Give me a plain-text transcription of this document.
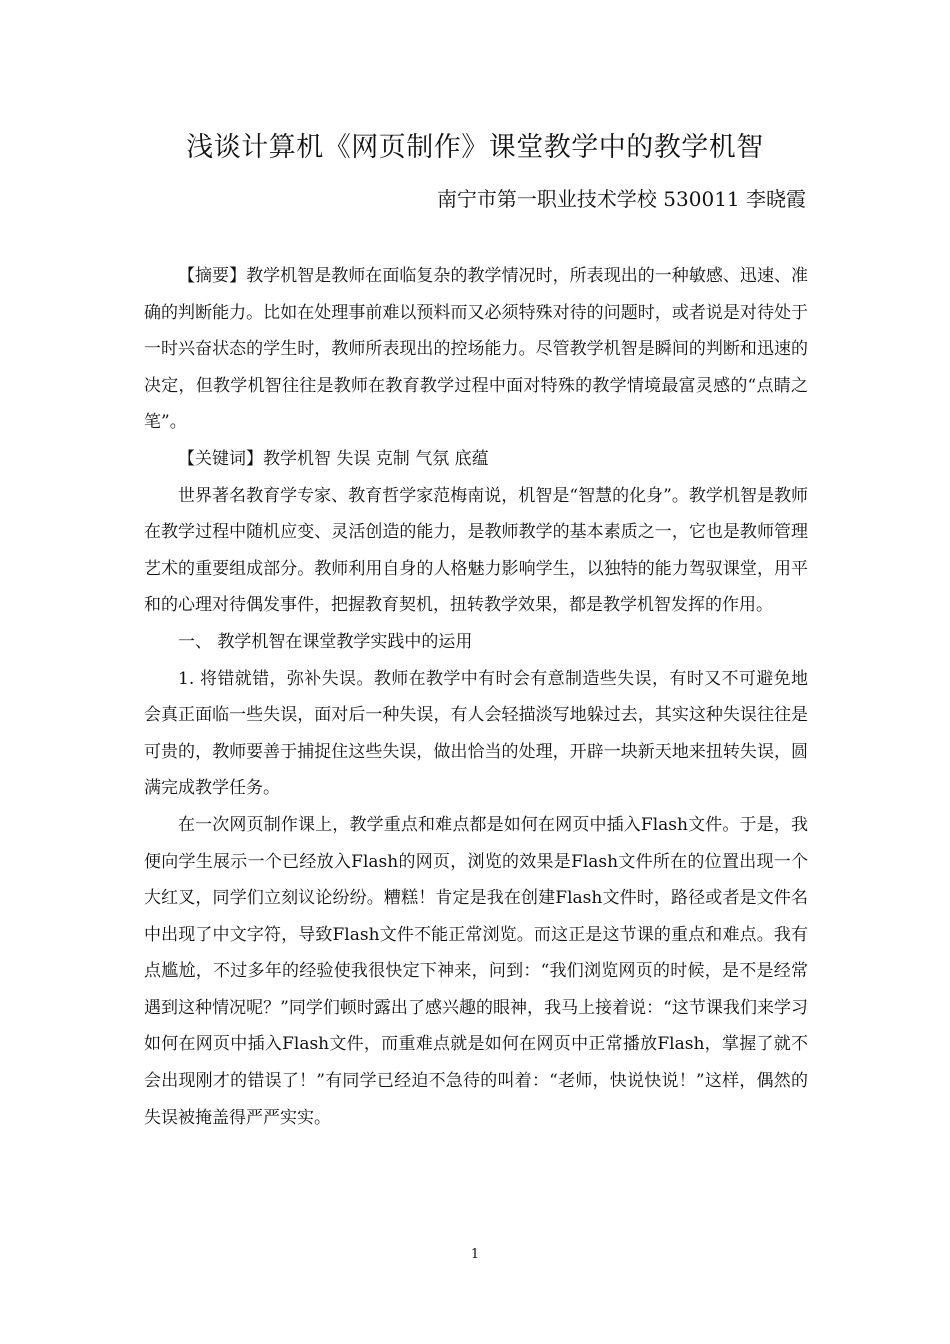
浅谈计算机《网页制作》课堂教学中的教学机智
南宁市第一职业技术学校 530011 李晓霞

【摘要】教学机智是教师在面临复杂的教学情况时，所表现出的一种敏感、迅速、准确的判断能力。比如在处理事前难以预料而又必须特殊对待的问题时，或者说是对待处于一时兴奋状态的学生时，教师所表现出的控场能力。尽管教学机智是瞬间的判断和迅速的决定，但教学机智往往是教师在教育教学过程中面对特殊的教学情境最富灵感的“点睛之笔”。

【关键词】教学机智 失误 克制 气氛 底蕴

世界著名教育学专家、教育哲学家范梅南说，机智是“智慧的化身”。教学机智是教师在教学过程中随机应变、灵活创造的能力，是教师教学的基本素质之一，它也是教师管理艺术的重要组成部分。教师利用自身的人格魅力影响学生，以独特的能力驾驭课堂，用平和的心理对待偶发事件，把握教育契机，扭转教学效果，都是教学机智发挥的作用。

一、 教学机智在课堂教学实践中的运用

1. 将错就错，弥补失误。教师在教学中有时会有意制造些失误，有时又不可避免地会真正面临一些失误，面对后一种失误，有人会轻描淡写地躲过去，其实这种失误往往是可贵的，教师要善于捕捉住这些失误，做出恰当的处理，开辟一块新天地来扭转失误，圆满完成教学任务。

在一次网页制作课上，教学重点和难点都是如何在网页中插入Flash文件。于是，我便向学生展示一个已经放入Flash的网页，浏览的效果是Flash文件所在的位置出现一个大红叉，同学们立刻议论纷纷。糟糕！肯定是我在创建Flash文件时，路径或者是文件名中出现了中文字符，导致Flash文件不能正常浏览。而这正是这节课的重点和难点。我有点尴尬，不过多年的经验使我很快定下神来，问到：“我们浏览网页的时候，是不是经常遇到这种情况呢？”同学们顿时露出了感兴趣的眼神，我马上接着说：“这节课我们来学习如何在网页中插入Flash文件，而重难点就是如何在网页中正常播放Flash，掌握了就不会出现刚才的错误了！”有同学已经迫不急待的叫着：“老师，快说快说！”这样，偶然的失误被掩盖得严严实实。

1
